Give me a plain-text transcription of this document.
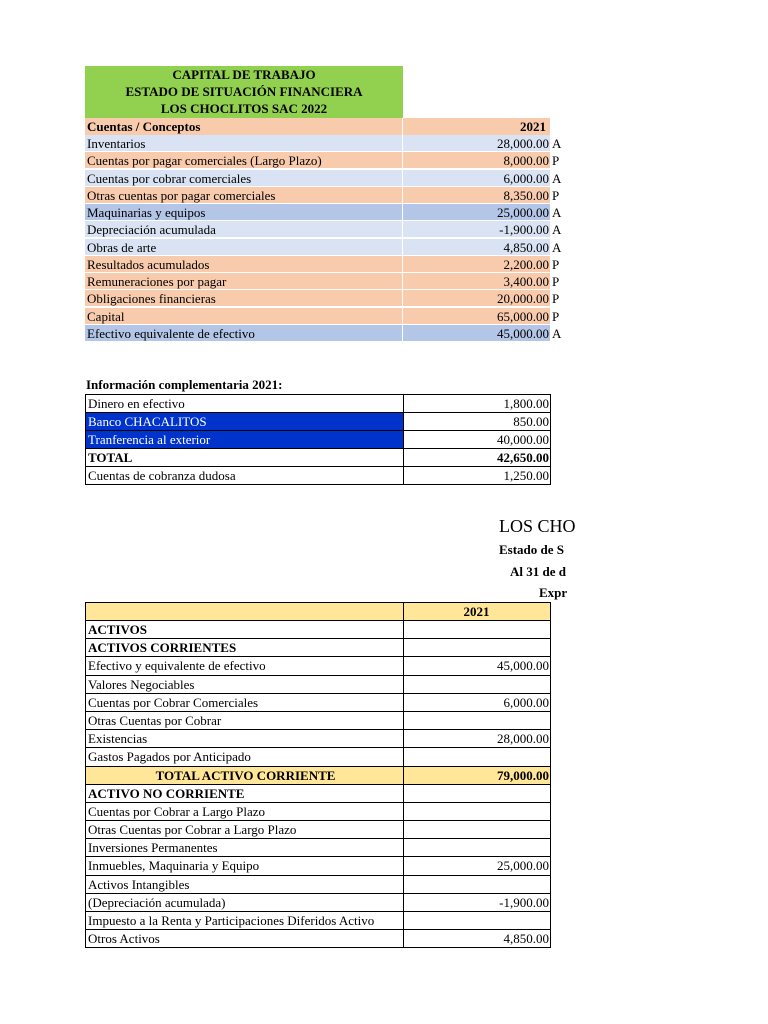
CAPITAL DE TRABAJO
ESTADO DE SITUACIÓN FINANCIERA
LOS CHOCLITOS SAC 2022
Cuentas / Conceptos	2021
Inventarios	28,000.00 A
Cuentas por pagar comerciales (Largo Plazo)	8,000.00 P
Cuentas por cobrar comerciales	6,000.00 A
Otras cuentas por pagar comerciales	8,350.00 P
Maquinarias y equipos	25,000.00 A
Depreciación acumulada	-1,900.00 A
Obras de arte	4,850.00 A
Resultados acumulados	2,200.00 P
Remuneraciones por pagar	3,400.00 P
Obligaciones financieras	20,000.00 P
Capital	65,000.00 P
Efectivo equivalente de efectivo	45,000.00 A
Información complementaria 2021:
Dinero en efectivo	1,800.00
Banco CHACALITOS	850.00
Tranferencia al exterior	40,000.00
TOTAL	42,650.00
Cuentas de cobranza dudosa	1,250.00
LOS CHO
Estado de S
Al 31 de d
Expr
2021
ACTIVOS
ACTIVOS CORRIENTES
Efectivo y equivalente de efectivo	45,000.00
Valores Negociables
Cuentas por Cobrar Comerciales	6,000.00
Otras Cuentas por Cobrar
Existencias	28,000.00
Gastos Pagados por Anticipado
TOTAL ACTIVO CORRIENTE	79,000.00
ACTIVO NO CORRIENTE
Cuentas por Cobrar a Largo Plazo
Otras Cuentas por Cobrar a Largo Plazo
Inversiones Permanentes
Inmuebles, Maquinaria y Equipo	25,000.00
Activos Intangibles
(Depreciación acumulada)	-1,900.00
Impuesto a la Renta y Participaciones Diferidos Activo
Otros Activos	4,850.00
